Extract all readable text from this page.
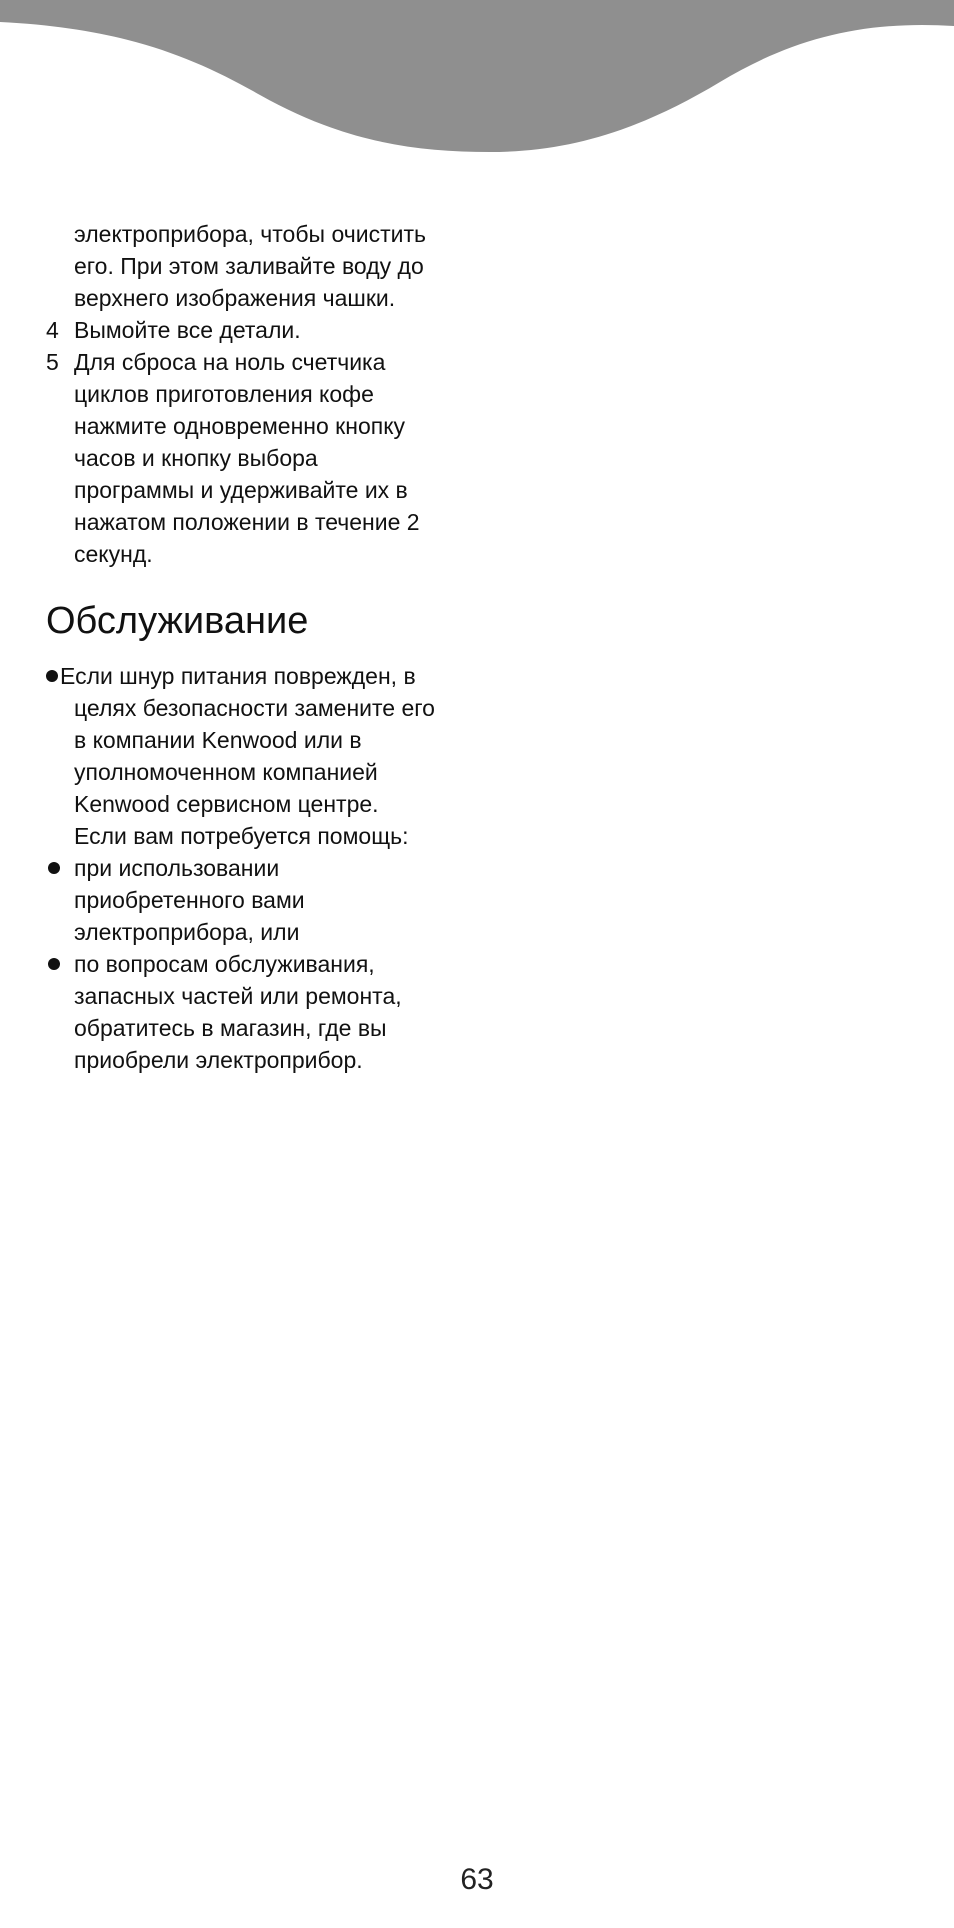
электроприбора, чтобы очистить
его. При этом заливайте воду до
верхнего изображения чашки.
4 Вымойте все детали.
5 Для сброса на ноль счетчика
циклов приготовления кофе
нажмите одновременно кнопку
часов и кнопку выбора
программы и удерживайте их в
нажатом положении в течение 2
секунд.
Обслуживание
Если шнур питания поврежден, в
целях безопасности замените его
в компании Kenwood или в
уполномоченном компанией
Kenwood сервисном центре.
Если вам потребуется помощь:
при использовании
приобретенного вами
электроприбора, или
по вопросам обслуживания,
запасных частей или ремонта,
обратитесь в магазин, где вы
приобрели электроприбор.
63
